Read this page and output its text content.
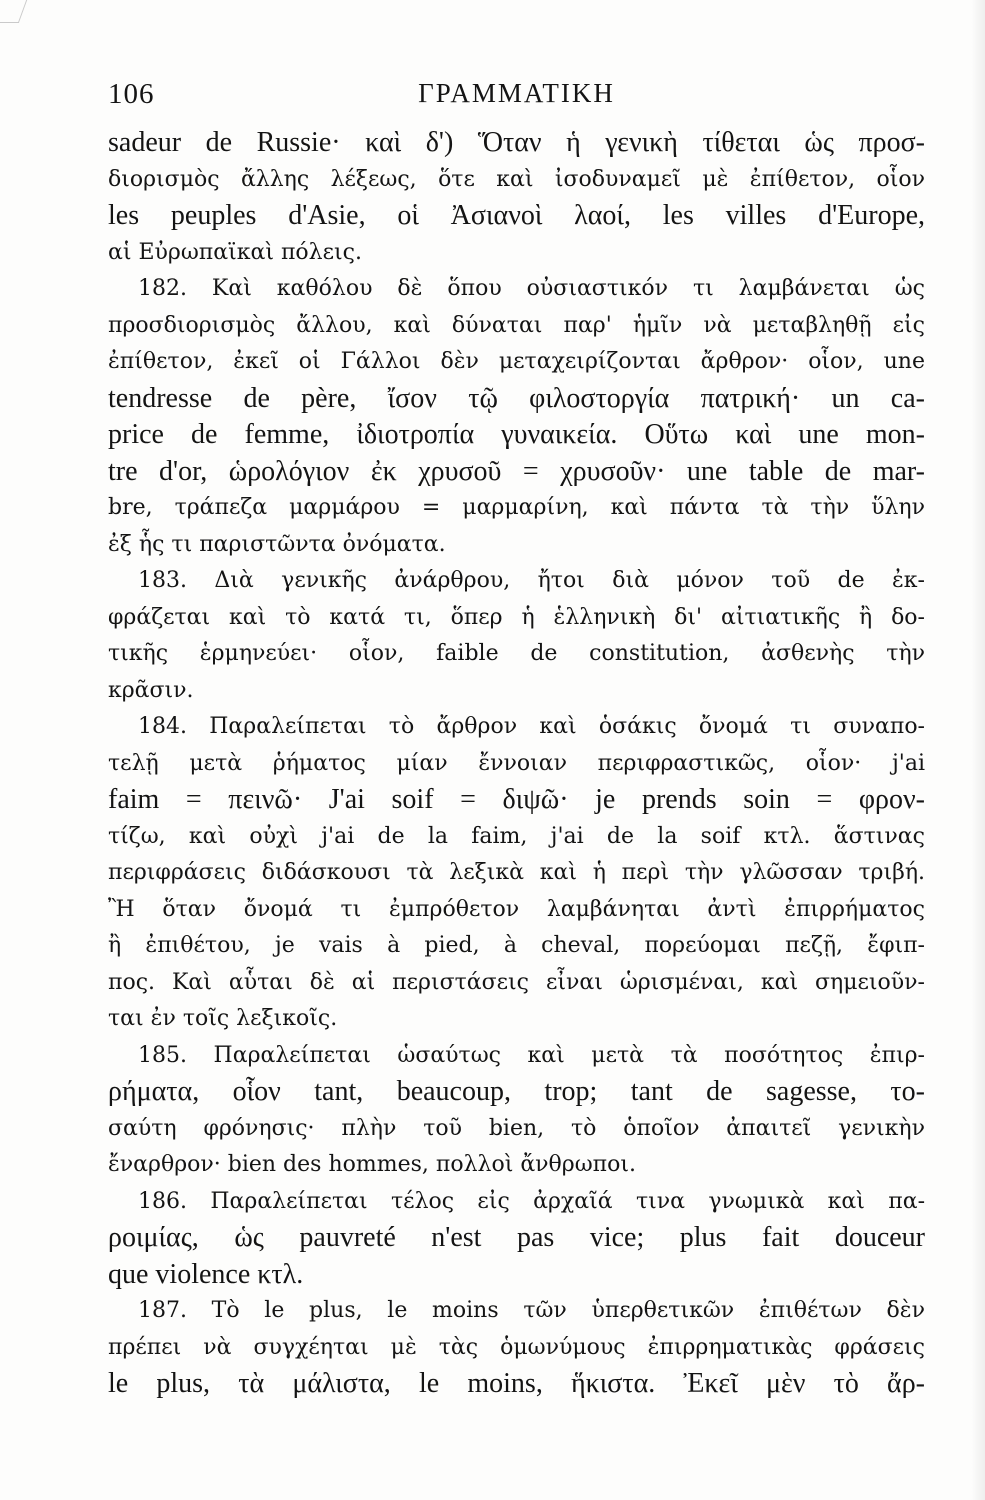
106	ΓΡΑΜΜΑΤΙΚΗ
sadeur de Russie· καὶ δ') Ὅταν ἡ γενικὴ τίθεται ὡς προσ-
διορισμὸς ἄλλης λέξεως, ὅτε καὶ ἰσοδυναμεῖ μὲ ἐπίθετον, οἷον
les peuples d'Asie, οἱ Ἀσιανοὶ λαοί, les villes d'Europe,
αἱ Εὐρωπαϊκαὶ πόλεις.
182. Καὶ καθόλου δὲ ὅπου οὐσιαστικόν τι λαμβάνεται ὡς
προσδιορισμὸς ἄλλου, καὶ δύναται παρ' ἡμῖν νὰ μεταβληθῇ εἰς
ἐπίθετον, ἐκεῖ οἱ Γάλλοι δὲν μεταχειρίζονται ἄρθρον· οἷον, une
tendresse de père, ἴσον τῷ φιλοστοργία πατρική· un ca-
price de femme, ἰδιοτροπία γυναικεία. Οὕτω καὶ une mon-
tre d'or, ὡρολόγιον ἐκ χρυσοῦ = χρυσοῦν· une table de mar-
bre, τράπεζα μαρμάρου = μαρμαρίνη, καὶ πάντα τὰ τὴν ὕλην
ἐξ ἧς τι παριστῶντα ὀνόματα.
183. Διὰ γενικῆς ἀνάρθρου, ἤτοι διὰ μόνον τοῦ de ἐκ-
φράζεται καὶ τὸ κατά τι, ὅπερ ἡ ἑλληνικὴ δι' αἰτιατικῆς ἢ δο-
τικῆς ἑρμηνεύει· οἷον, faible de constitution, ἀσθενὴς τὴν
κρᾶσιν.
184. Παραλείπεται τὸ ἄρθρον καὶ ὁσάκις ὄνομά τι συναπο-
τελῇ μετὰ ῥήματος μίαν ἔννοιαν περιφραστικῶς, οἷον· j'ai
faim = πεινῶ· J'ai soif = διψῶ· je prends soin = φρον-
τίζω, καὶ οὐχὶ j'ai de la faim, j'ai de la soif κτλ. ἅστινας
περιφράσεις διδάσκουσι τὰ λεξικὰ καὶ ἡ περὶ τὴν γλῶσσαν τριβή.
Ἢ ὅταν ὄνομά τι ἐμπρόθετον λαμβάνηται ἀντὶ ἐπιρρήματος
ἢ ἐπιθέτου, je vais à pied, à cheval, πορεύομαι πεζῇ, ἔφιπ-
πος. Καὶ αὗται δὲ αἱ περιστάσεις εἶναι ὡρισμέναι, καὶ σημειοῦν-
ται ἐν τοῖς λεξικοῖς.
185. Παραλείπεται ὡσαύτως καὶ μετὰ τὰ ποσότητος ἐπιρ-
ρήματα, οἷον tant, beaucoup, trop; tant de sagesse, το-
σαύτη φρόνησις· πλὴν τοῦ bien, τὸ ὁποῖον ἀπαιτεῖ γενικὴν
ἔναρθρον· bien des hommes, πολλοὶ ἄνθρωποι.
186. Παραλείπεται τέλος εἰς ἀρχαῖά τινα γνωμικὰ καὶ πα-
ροιμίας, ὡς pauvreté n'est pas vice; plus fait douceur
que violence κτλ.
187. Τὸ le plus, le moins τῶν ὑπερθετικῶν ἐπιθέτων δὲν
πρέπει νὰ συγχέηται μὲ τὰς ὁμωνύμους ἐπιρρηματικὰς φράσεις
le plus, τὰ μάλιστα, le moins, ἥκιστα. Ἐκεῖ μὲν τὸ ἄρ-
